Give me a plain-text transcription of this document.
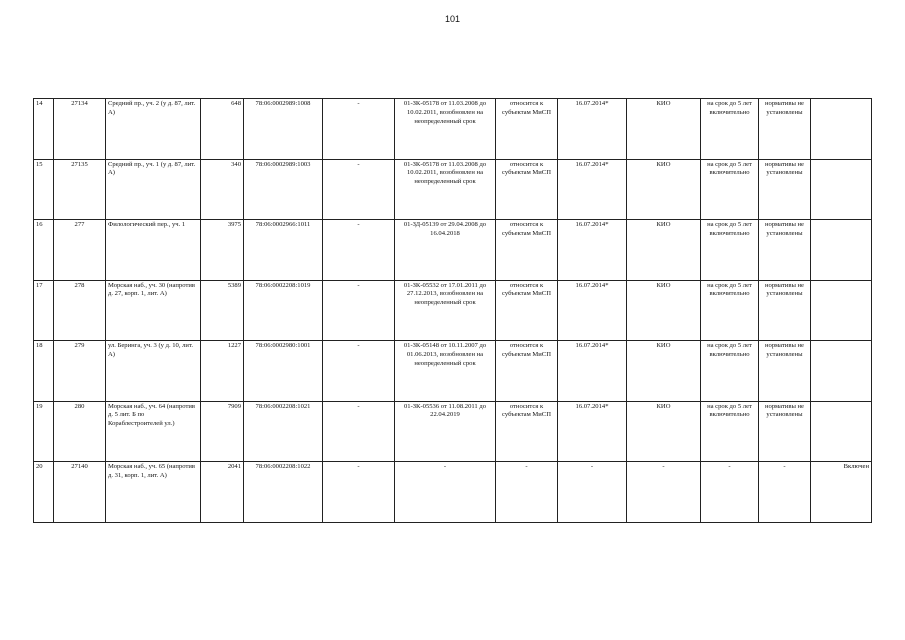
101
14	27134	Средний пр., уч. 2 (у д. 87, лит. А)	648	78:06:0002989:1008	-	01-ЗК-05178 от 11.03.2008 до 10.02.2011, возобновлен на неопределенный срок	относится к субъектам МиСП	16.07.2014*	КИО	на срок до 5 лет включительно	нормативы не установлены	
15	27135	Средний пр., уч. 1 (у д. 87, лит. А)	340	78:06:0002989:1003	-	01-ЗК-05178 от 11.03.2008 до 10.02.2011, возобновлен на неопределенный срок	относится к субъектам МиСП	16.07.2014*	КИО	на срок до 5 лет включительно	нормативы не установлены	
16	277	Филологический пер., уч. 1	3975	78:06:0002966:1011	-	01-ЗД-05139 от 29.04.2008 до 16.04.2018	относится к субъектам МиСП	16.07.2014*	КИО	на срок до 5 лет включительно	нормативы не установлены	
17	278	Морская наб., уч. 30 (напротив д. 27, корп. 1, лит. А)	5389	78:06:0002208:1019	-	01-ЗК-05532 от 17.01.2011 до 27.12.2013, возобновлен на неопределенный срок	относится к субъектам МиСП	16.07.2014*	КИО	на срок до 5 лет включительно	нормативы не установлены	
18	279	ул. Беринга, уч. 3 (у д. 10, лит. А)	1227	78:06:0002980:1001	-	01-ЗК-05148 от 10.11.2007 до 01.06.2013, возобновлен на неопределенный срок	относится к субъектам МиСП	16.07.2014*	КИО	на срок до 5 лет включительно	нормативы не установлены	
19	280	Морская наб., уч. 64 (напротив д. 5 лит. Б по Кораблестроителей ул.)	7909	78:06:0002208:1021	-	01-ЗК-05536 от 11.08.2011 до 22.04.2019	относится к субъектам МиСП	16.07.2014*	КИО	на срок до 5 лет включительно	нормативы не установлены	
20	27140	Морская наб., уч. 65 (напротив д. 31, корп. 1, лит. А)	2041	78:06:0002208:1022	-	-	-	-	-	-	-	Включен
